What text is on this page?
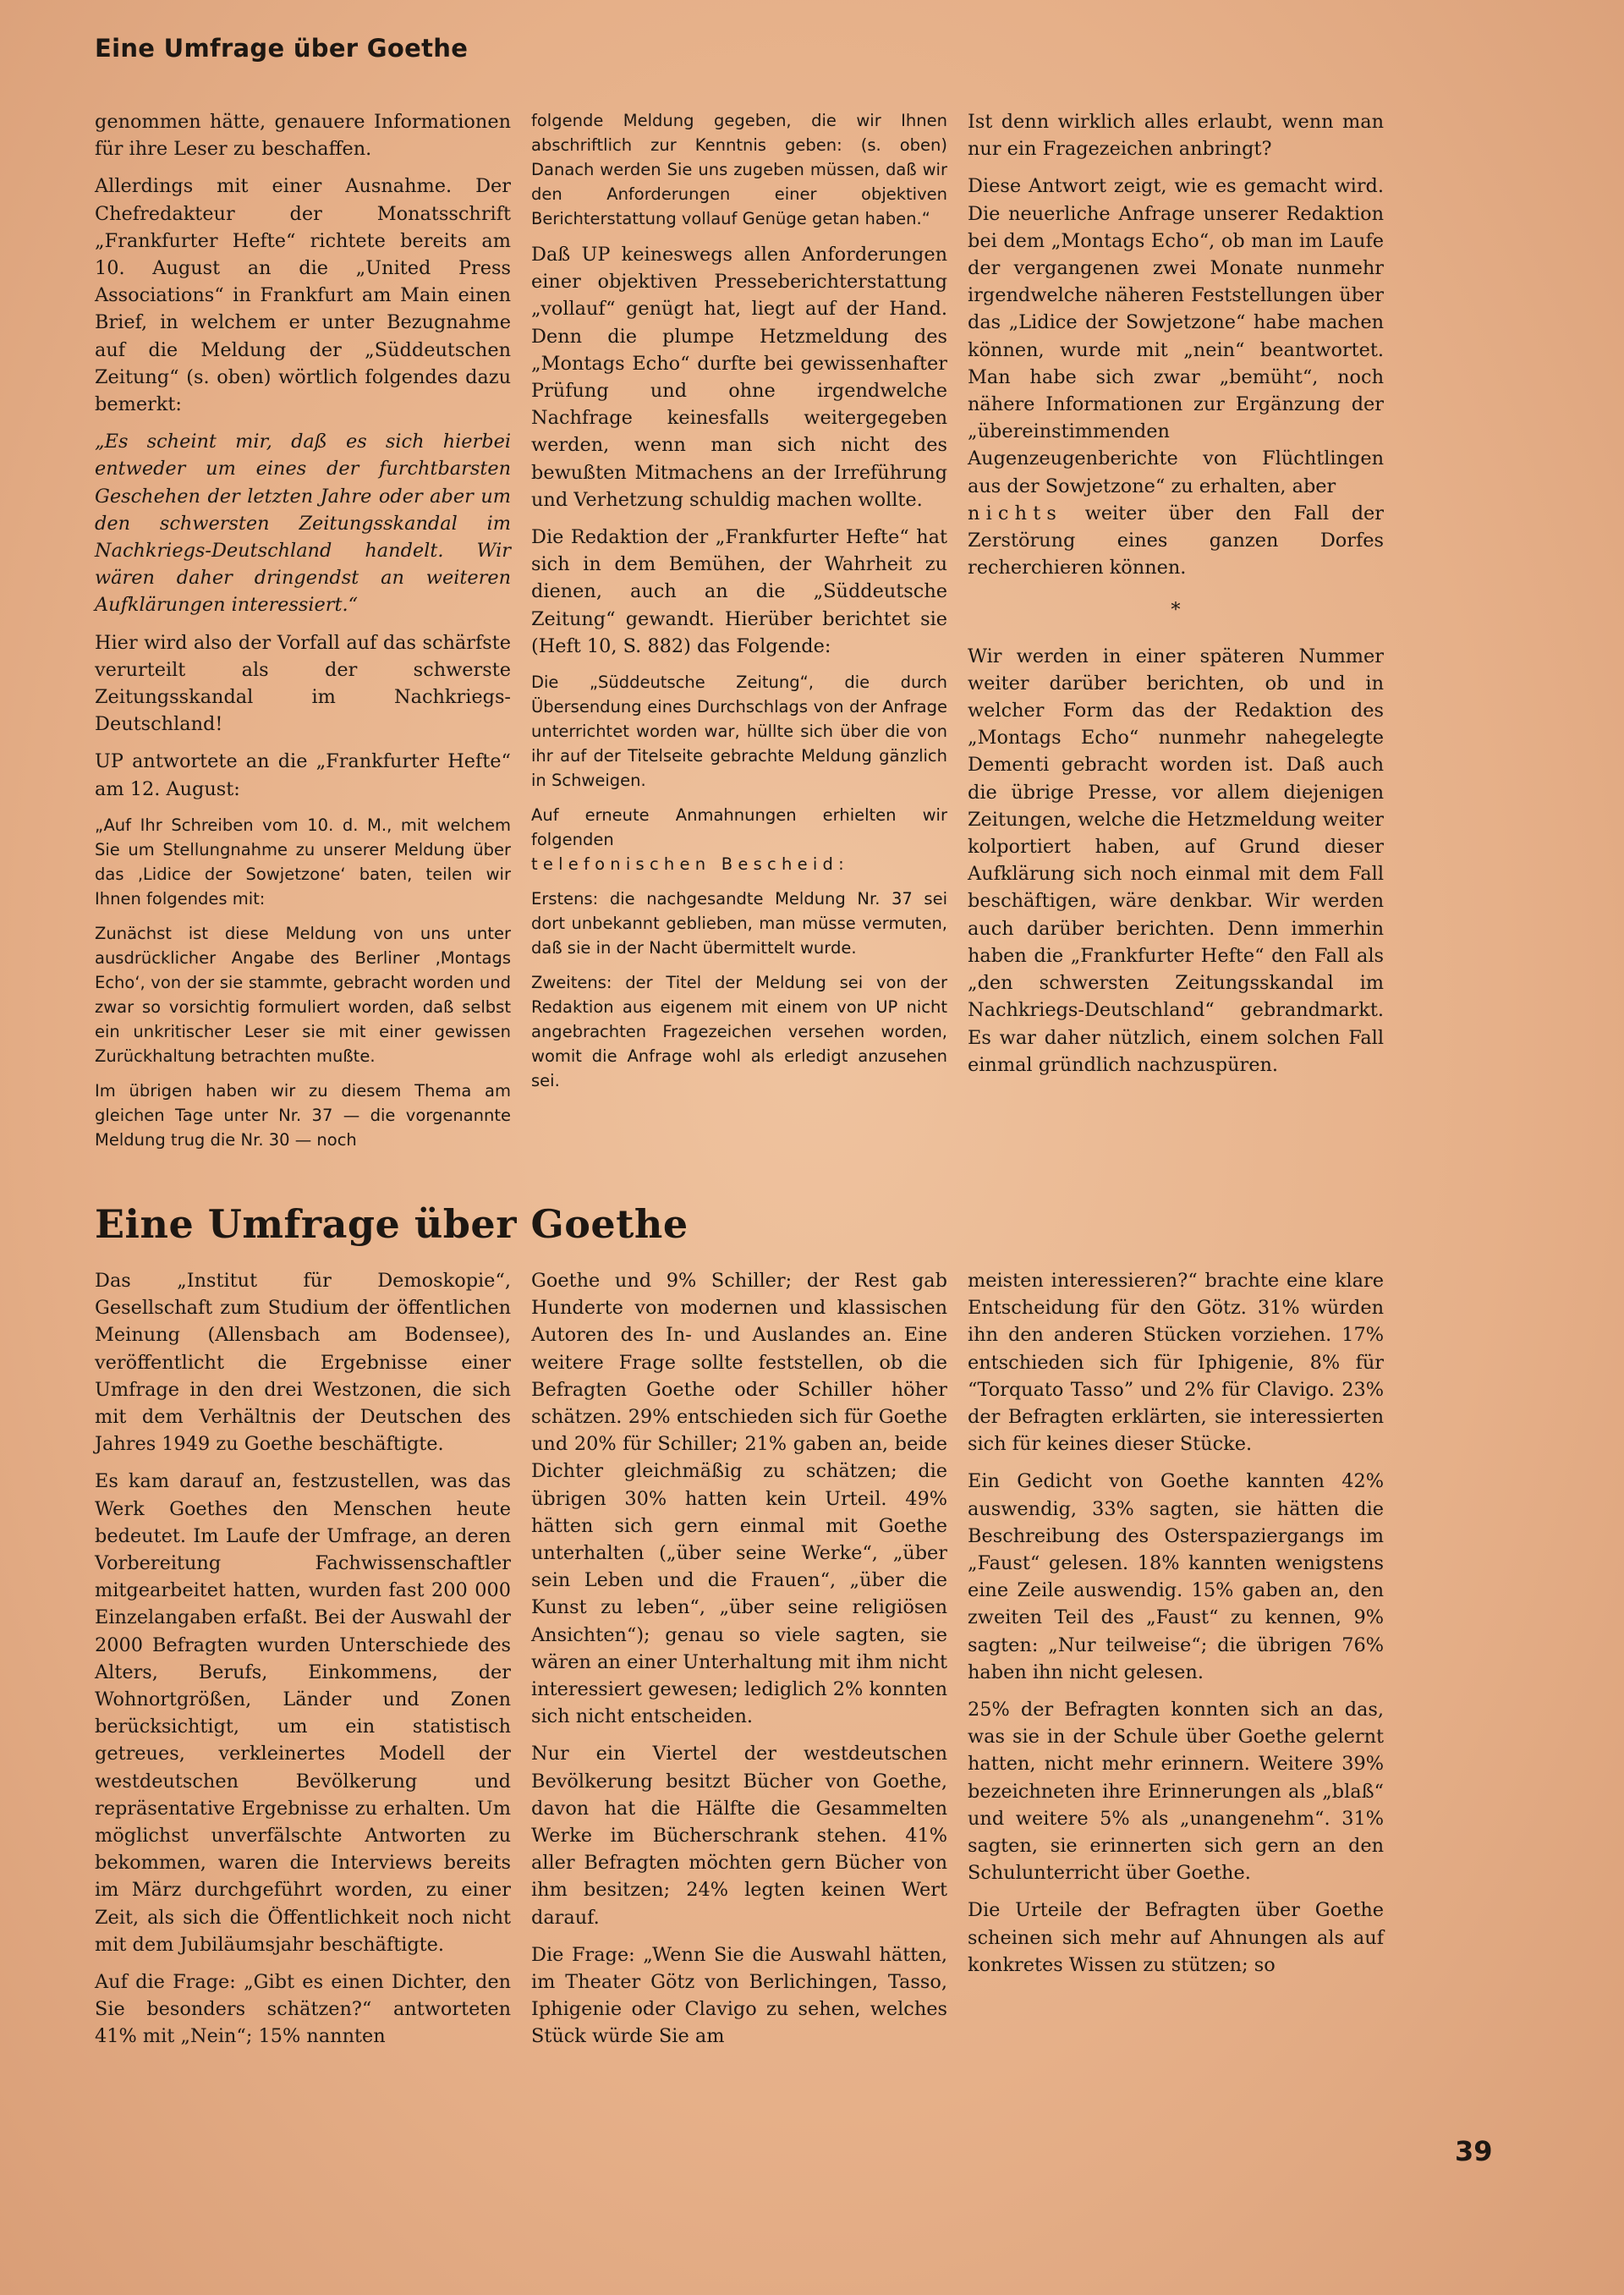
Eine Umfrage über Goethe

genommen hätte, genauere Informationen für ihre Leser zu beschaffen.

Allerdings mit einer Ausnahme. Der Chefredakteur der Monatsschrift „Frankfurter Hefte“ richtete bereits am 10. August an die „United Press Associations“ in Frankfurt am Main einen Brief, in welchem er unter Bezugnahme auf die Meldung der „Süddeutschen Zeitung“ (s. oben) wörtlich folgendes dazu bemerkt:

„Es scheint mir, daß es sich hierbei entweder um eines der furchtbarsten Geschehen der letzten Jahre oder aber um den schwersten Zeitungsskandal im Nachkriegs-Deutschland handelt. Wir wären daher dringendst an weiteren Aufklärungen interessiert.“

Hier wird also der Vorfall auf das schärfste verurteilt als der schwerste Zeitungsskandal im Nachkriegs-Deutschland!

UP antwortete an die „Frankfurter Hefte“ am 12. August:

„Auf Ihr Schreiben vom 10. d. M., mit welchem Sie um Stellungnahme zu unserer Meldung über das ‚Lidice der Sowjetzone‘ baten, teilen wir Ihnen folgendes mit:

Zunächst ist diese Meldung von uns unter ausdrücklicher Angabe des Berliner ‚Montags Echo‘, von der sie stammte, gebracht worden und zwar so vorsichtig formuliert worden, daß selbst ein unkritischer Leser sie mit einer gewissen Zurückhaltung betrachten mußte.

Im übrigen haben wir zu diesem Thema am gleichen Tage unter Nr. 37 — die vorgenannte Meldung trug die Nr. 30 — noch

folgende Meldung gegeben, die wir Ihnen abschriftlich zur Kenntnis geben: (s. oben) Danach werden Sie uns zugeben müssen, daß wir den Anforderungen einer objektiven Berichterstattung vollauf Genüge getan haben.“

Daß UP keineswegs allen Anforderungen einer objektiven Presseberichterstattung „vollauf“ genügt hat, liegt auf der Hand. Denn die plumpe Hetzmeldung des „Montags Echo“ durfte bei gewissenhafter Prüfung und ohne irgendwelche Nachfrage keinesfalls weitergegeben werden, wenn man sich nicht des bewußten Mitmachens an der Irreführung und Verhetzung schuldig machen wollte.

Die Redaktion der „Frankfurter Hefte“ hat sich in dem Bemühen, der Wahrheit zu dienen, auch an die „Süddeutsche Zeitung“ gewandt. Hierüber berichtet sie (Heft 10, S. 882) das Folgende:

Die „Süddeutsche Zeitung“, die durch Übersendung eines Durchschlags von der Anfrage unterrichtet worden war, hüllte sich über die von ihr auf der Titelseite gebrachte Meldung gänzlich in Schweigen.

Auf erneute Anmahnungen erhielten wir folgenden

telefonischen Bescheid:

Erstens: die nachgesandte Meldung Nr. 37 sei dort unbekannt geblieben, man müsse vermuten, daß sie in der Nacht übermittelt wurde.

Zweitens: der Titel der Meldung sei von der Redaktion aus eigenem mit einem von UP nicht angebrachten Fragezeichen versehen worden, womit die Anfrage wohl als erledigt anzusehen sei.

Ist denn wirklich alles erlaubt, wenn man nur ein Fragezeichen anbringt?

Diese Antwort zeigt, wie es gemacht wird. Die neuerliche Anfrage unserer Redaktion bei dem „Montags Echo“, ob man im Laufe der vergangenen zwei Monate nunmehr irgendwelche näheren Feststellungen über das „Lidice der Sowjetzone“ habe machen können, wurde mit „nein“ beantwortet. Man habe sich zwar „bemüht“, noch nähere Informationen zur Ergänzung der „übereinstimmenden Augenzeugenberichte von Flüchtlingen aus der Sowjetzone“ zu erhalten, aber

nichts weiter über den Fall der Zerstörung eines ganzen Dorfes recherchieren können.

*

Wir werden in einer späteren Nummer weiter darüber berichten, ob und in welcher Form das der Redaktion des „Montags Echo“ nunmehr nahegelegte Dementi gebracht worden ist. Daß auch die übrige Presse, vor allem diejenigen Zeitungen, welche die Hetzmeldung weiter kolportiert haben, auf Grund dieser Aufklärung sich noch einmal mit dem Fall beschäftigen, wäre denkbar. Wir werden auch darüber berichten. Denn immerhin haben die „Frankfurter Hefte“ den Fall als „den schwersten Zeitungsskandal im Nachkriegs-Deutschland“ gebrandmarkt. Es war daher nützlich, einem solchen Fall einmal gründlich nachzuspüren.

Eine Umfrage über Goethe

Das „Institut für Demoskopie“, Gesellschaft zum Studium der öffentlichen Meinung (Allensbach am Bodensee), veröffentlicht die Ergebnisse einer Umfrage in den drei Westzonen, die sich mit dem Verhältnis der Deutschen des Jahres 1949 zu Goethe beschäftigte.

Es kam darauf an, festzustellen, was das Werk Goethes den Menschen heute bedeutet. Im Laufe der Umfrage, an deren Vorbereitung Fachwissenschaftler mitgearbeitet hatten, wurden fast 200 000 Einzelangaben erfaßt. Bei der Auswahl der 2000 Befragten wurden Unterschiede des Alters, Berufs, Einkommens, der Wohnortgrößen, Länder und Zonen berücksichtigt, um ein statistisch getreues, verkleinertes Modell der westdeutschen Bevölkerung und repräsentative Ergebnisse zu erhalten. Um möglichst unverfälschte Antworten zu bekommen, waren die Interviews bereits im März durchgeführt worden, zu einer Zeit, als sich die Öffentlichkeit noch nicht mit dem Jubiläumsjahr beschäftigte.

Auf die Frage: „Gibt es einen Dichter, den Sie besonders schätzen?“ antworteten 41% mit „Nein“; 15% nannten

Goethe und 9% Schiller; der Rest gab Hunderte von modernen und klassischen Autoren des In- und Auslandes an. Eine weitere Frage sollte feststellen, ob die Befragten Goethe oder Schiller höher schätzen. 29% entschieden sich für Goethe und 20% für Schiller; 21% gaben an, beide Dichter gleichmäßig zu schätzen; die übrigen 30% hatten kein Urteil. 49% hätten sich gern einmal mit Goethe unterhalten („über seine Werke“, „über sein Leben und die Frauen“, „über die Kunst zu leben“, „über seine religiösen Ansichten“); genau so viele sagten, sie wären an einer Unterhaltung mit ihm nicht interessiert gewesen; lediglich 2% konnten sich nicht entscheiden.

Nur ein Viertel der westdeutschen Bevölkerung besitzt Bücher von Goethe, davon hat die Hälfte die Gesammelten Werke im Bücherschrank stehen. 41% aller Befragten möchten gern Bücher von ihm besitzen; 24% legten keinen Wert darauf.

Die Frage: „Wenn Sie die Auswahl hätten, im Theater Götz von Berlichingen, Tasso, Iphigenie oder Clavigo zu sehen, welches Stück würde Sie am

meisten interessieren?“ brachte eine klare Entscheidung für den Götz. 31% würden ihn den anderen Stücken vorziehen. 17% entschieden sich für Iphigenie, 8% für “Torquato Tasso” und 2% für Clavigo. 23% der Befragten erklärten, sie interessierten sich für keines dieser Stücke.

Ein Gedicht von Goethe kannten 42% auswendig, 33% sagten, sie hätten die Beschreibung des Osterspaziergangs im „Faust“ gelesen. 18% kannten wenigstens eine Zeile auswendig. 15% gaben an, den zweiten Teil des „Faust“ zu kennen, 9% sagten: „Nur teilweise“; die übrigen 76% haben ihn nicht gelesen.

25% der Befragten konnten sich an das, was sie in der Schule über Goethe gelernt hatten, nicht mehr erinnern. Weitere 39% bezeichneten ihre Erinnerungen als „blaß“ und weitere 5% als „unangenehm“. 31% sagten, sie erinnerten sich gern an den Schulunterricht über Goethe.

Die Urteile der Befragten über Goethe scheinen sich mehr auf Ahnungen als auf konkretes Wissen zu stützen; so

39
